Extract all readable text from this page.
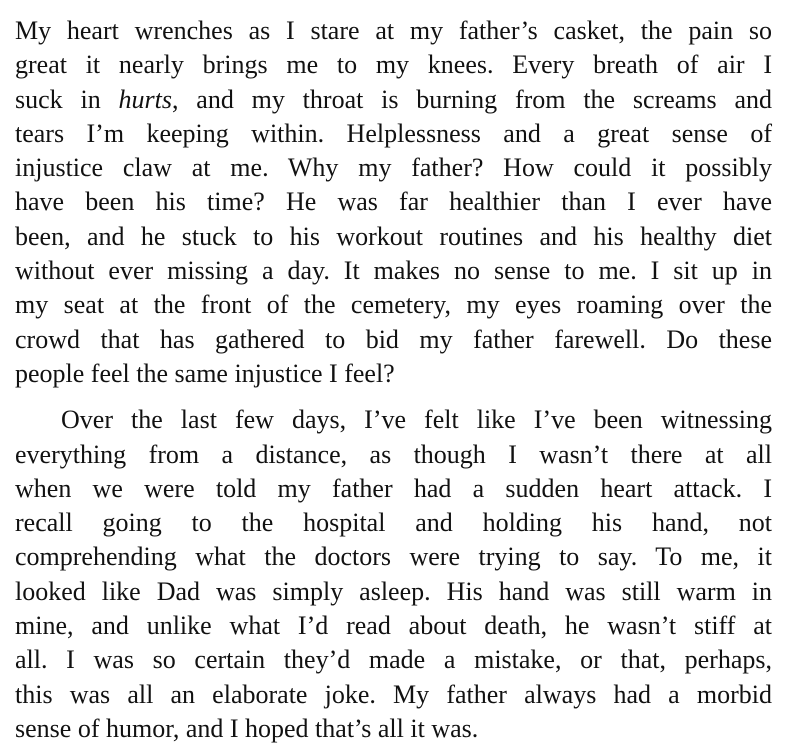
My heart wrenches as I stare at my father’s casket, the pain so
great it nearly brings me to my knees. Every breath of air I
suck in hurts, and my throat is burning from the screams and
tears I’m keeping within. Helplessness and a great sense of
injustice claw at me. Why my father? How could it possibly
have been his time? He was far healthier than I ever have
been, and he stuck to his workout routines and his healthy diet
without ever missing a day. It makes no sense to me. I sit up in
my seat at the front of the cemetery, my eyes roaming over the
crowd that has gathered to bid my father farewell. Do these
people feel the same injustice I feel?

Over the last few days, I’ve felt like I’ve been witnessing
everything from a distance, as though I wasn’t there at all
when we were told my father had a sudden heart attack. I
recall going to the hospital and holding his hand, not
comprehending what the doctors were trying to say. To me, it
looked like Dad was simply asleep. His hand was still warm in
mine, and unlike what I’d read about death, he wasn’t stiff at
all. I was so certain they’d made a mistake, or that, perhaps,
this was all an elaborate joke. My father always had a morbid
sense of humor, and I hoped that’s all it was.
